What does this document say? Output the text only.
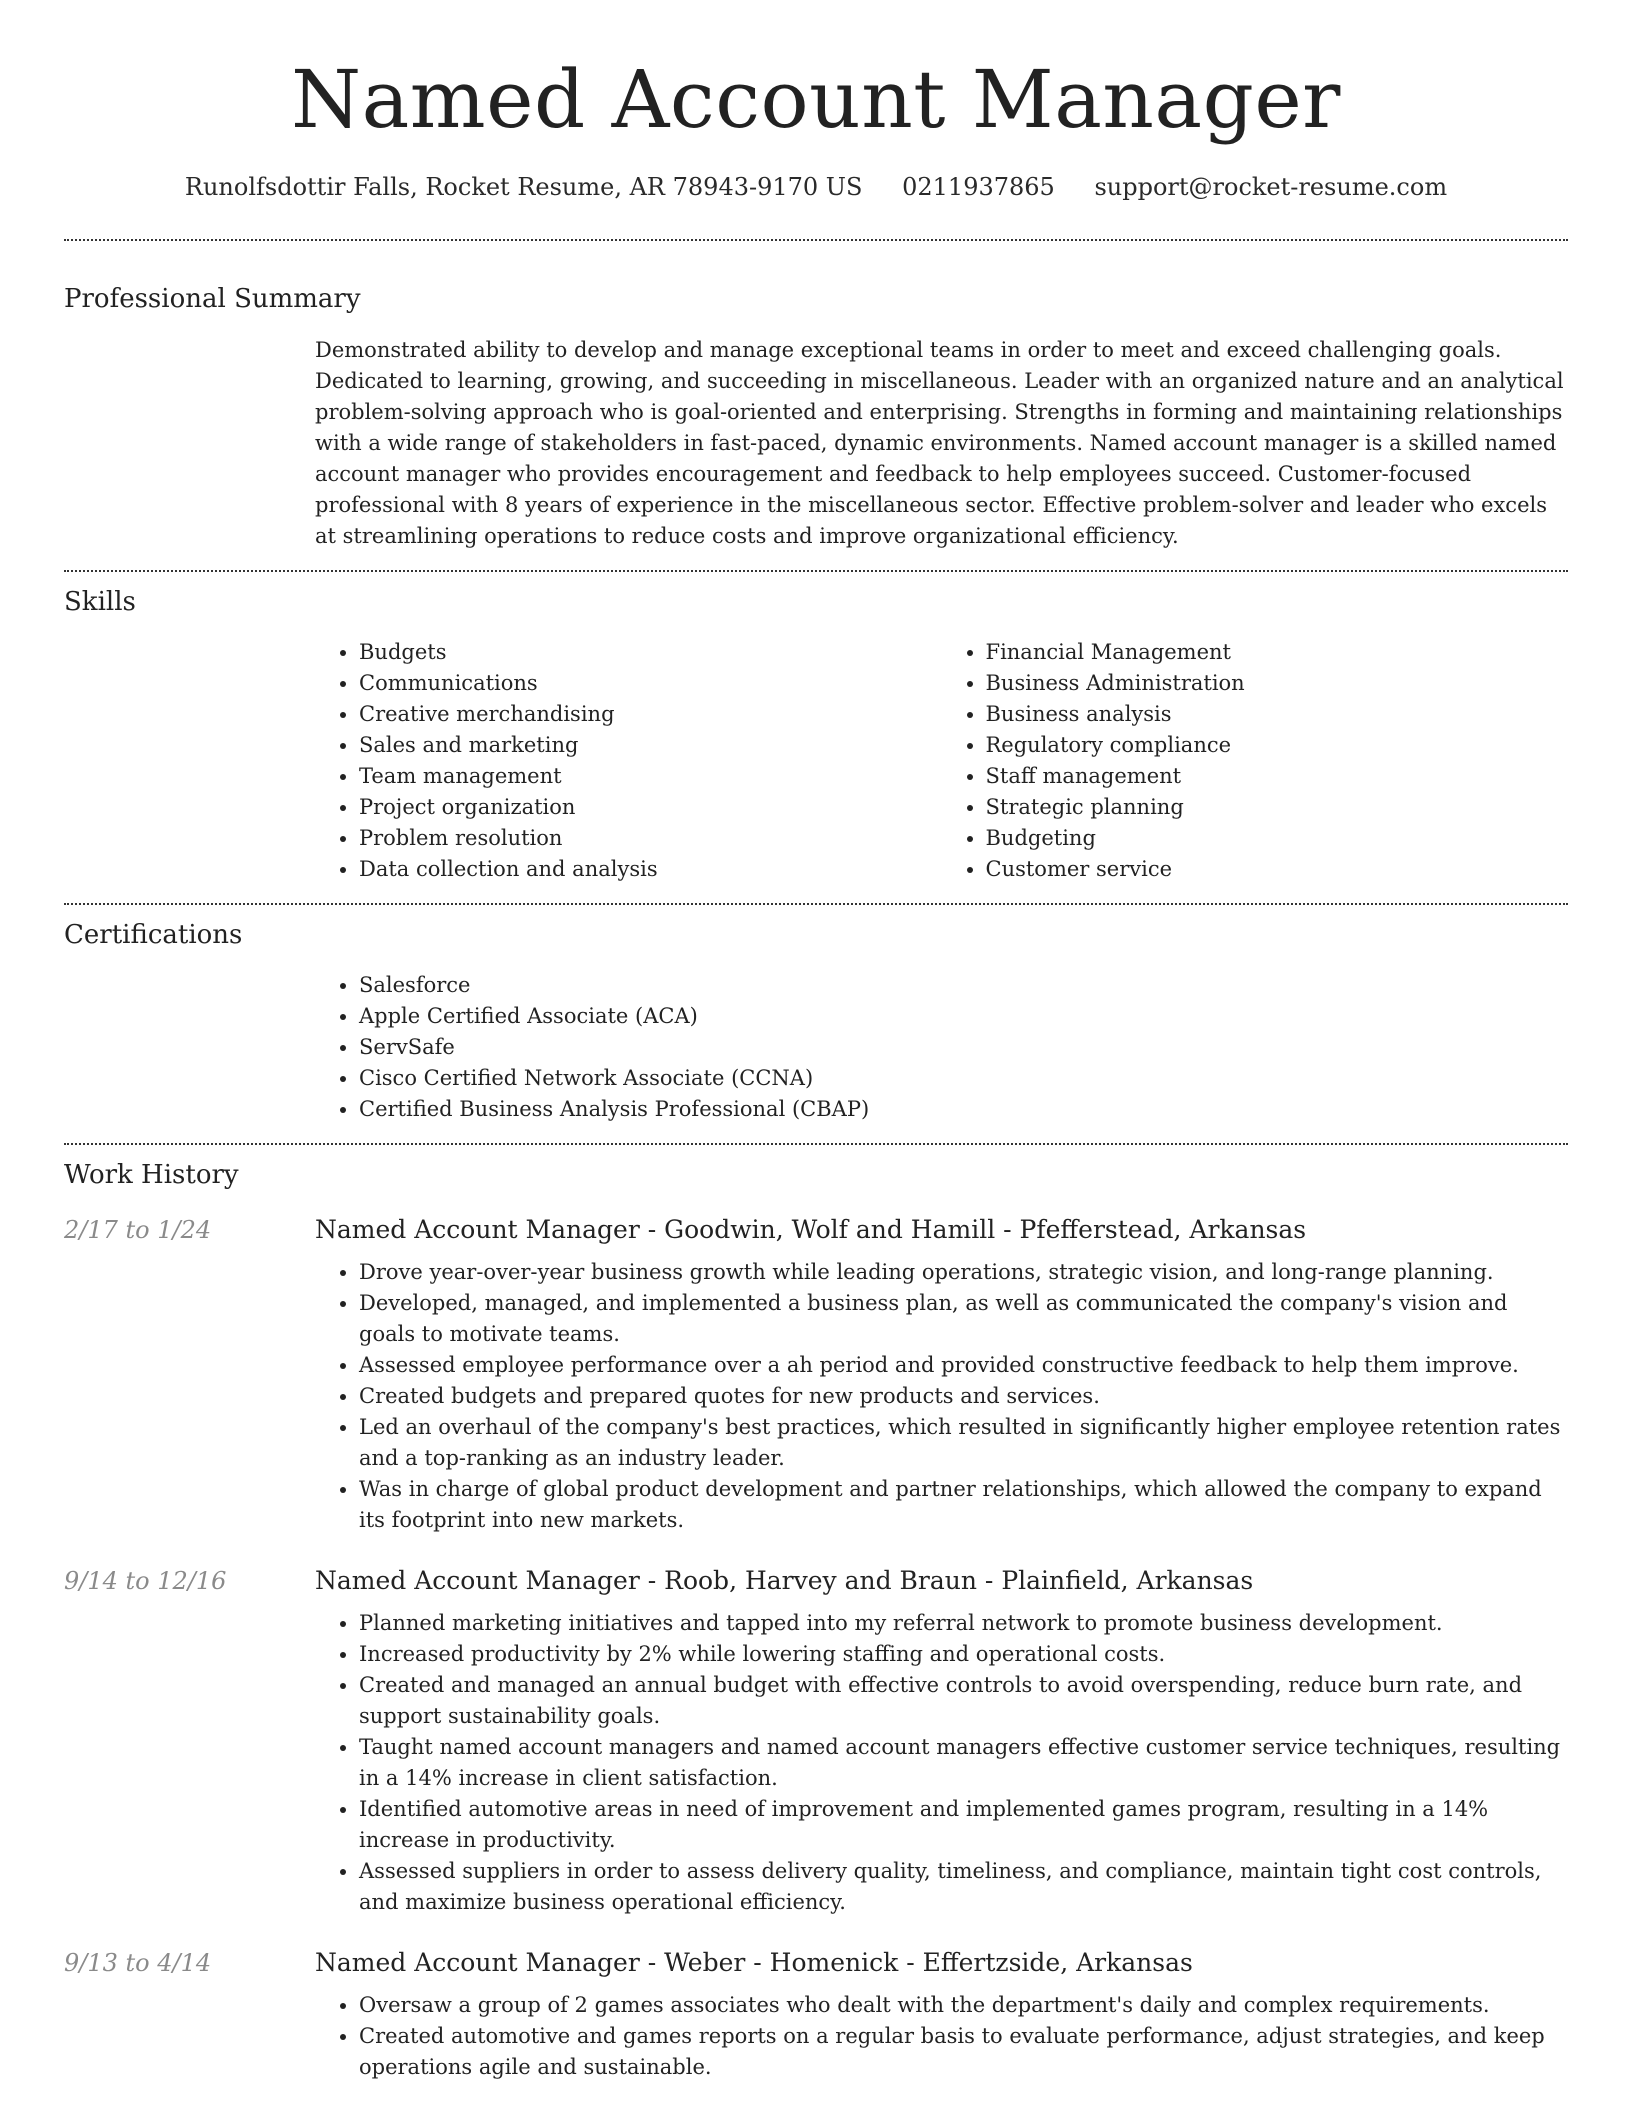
Named Account Manager
Runolfsdottir Falls, Rocket Resume, AR 78943-9170 US 0211937865 support@rocket-resume.com
Professional Summary

Demonstrated ability to develop and manage exceptional teams in order to meet and exceed challenging goals. Dedicated to learning, growing, and succeeding in miscellaneous. Leader with an organized nature and an analytical problem-solving approach who is goal-oriented and enterprising. Strengths in forming and maintaining relationships with a wide range of stakeholders in fast-paced, dynamic environments. Named account manager is a skilled named account manager who provides encouragement and feedback to help employees succeed. Customer-focused professional with 8 years of experience in the miscellaneous sector. Effective problem-solver and leader who excels at streamlining operations to reduce costs and improve organizational efficiency.

Skills
• Budgets
• Communications
• Creative merchandising
• Sales and marketing
• Team management
• Project organization
• Problem resolution
• Data collection and analysis
• Financial Management
• Business Administration
• Business analysis
• Regulatory compliance
• Staff management
• Strategic planning
• Budgeting
• Customer service
Certifications
• Salesforce
• Apple Certified Associate (ACA)
• ServSafe
• Cisco Certified Network Associate (CCNA)
• Certified Business Analysis Professional (CBAP)
Work History
2/17 to 1/24	Named Account Manager - Goodwin, Wolf and Hamill - Pfefferstead, Arkansas
• Drove year-over-year business growth while leading operations, strategic vision, and long-range planning.
• Developed, managed, and implemented a business plan, as well as communicated the company's vision and goals to motivate teams.
• Assessed employee performance over a ah period and provided constructive feedback to help them improve.
• Created budgets and prepared quotes for new products and services.
• Led an overhaul of the company's best practices, which resulted in significantly higher employee retention rates and a top-ranking as an industry leader.
• Was in charge of global product development and partner relationships, which allowed the company to expand its footprint into new markets.
9/14 to 12/16	Named Account Manager - Roob, Harvey and Braun - Plainfield, Arkansas
• Planned marketing initiatives and tapped into my referral network to promote business development.
• Increased productivity by 2% while lowering staffing and operational costs.
• Created and managed an annual budget with effective controls to avoid overspending, reduce burn rate, and support sustainability goals.
• Taught named account managers and named account managers effective customer service techniques, resulting in a 14% increase in client satisfaction.
• Identified automotive areas in need of improvement and implemented games program, resulting in a 14% increase in productivity.
• Assessed suppliers in order to assess delivery quality, timeliness, and compliance, maintain tight cost controls, and maximize business operational efficiency.
9/13 to 4/14	Named Account Manager - Weber - Homenick - Effertzside, Arkansas
• Oversaw a group of 2 games associates who dealt with the department's daily and complex requirements.
• Created automotive and games reports on a regular basis to evaluate performance, adjust strategies, and keep operations agile and sustainable.
